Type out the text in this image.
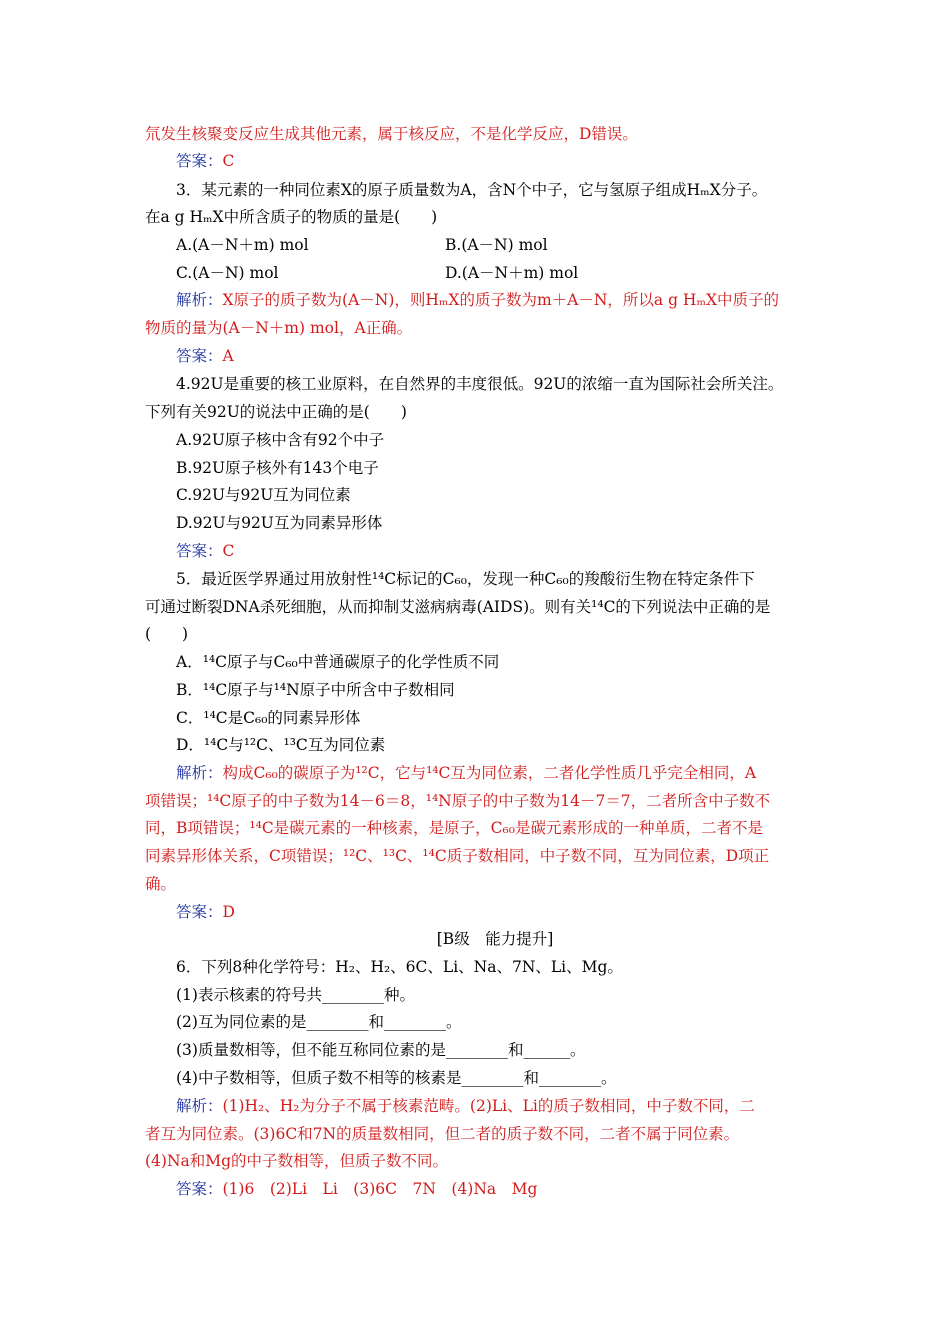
氘发生核聚变反应生成其他元素，属于核反应，不是化学反应，D错误。
答案：C
3．某元素的一种同位素X的原子质量数为A，含N个中子，它与氢原子组成HₘX分子。
在a g HₘX中所含质子的物质的量是(　　)
A.(A－N＋m) mol	B.(A－N) mol
C.(A－N) mol	D.(A－N＋m) mol
解析：X原子的质子数为(A－N)，则HₘX的质子数为m＋A－N，所以a g HₘX中质子的
物质的量为(A－N＋m) mol，A正确。
答案：A
4.92U是重要的核工业原料，在自然界的丰度很低。92U的浓缩一直为国际社会所关注。
下列有关92U的说法中正确的是(　　)
A.92U原子核中含有92个中子
B.92U原子核外有143个电子
C.92U与92U互为同位素
D.92U与92U互为同素异形体
答案：C
5．最近医学界通过用放射性¹⁴C标记的C₆₀，发现一种C₆₀的羧酸衍生物在特定条件下
可通过断裂DNA杀死细胞，从而抑制艾滋病病毒(AIDS)。则有关¹⁴C的下列说法中正确的是
(　　)
A．¹⁴C原子与C₆₀中普通碳原子的化学性质不同
B．¹⁴C原子与¹⁴N原子中所含中子数相同
C．¹⁴C是C₆₀的同素异形体
D．¹⁴C与¹²C、¹³C互为同位素
解析：构成C₆₀的碳原子为¹²C，它与¹⁴C互为同位素，二者化学性质几乎完全相同，A
项错误；¹⁴C原子的中子数为14－6＝8，¹⁴N原子的中子数为14－7＝7，二者所含中子数不
同，B项错误；¹⁴C是碳元素的一种核素，是原子，C₆₀是碳元素形成的一种单质，二者不是
同素异形体关系，C项错误；¹²C、¹³C、¹⁴C质子数相同，中子数不同，互为同位素，D项正
确。
答案：D
[B级　能力提升]
6．下列8种化学符号：H₂、H₂、6C、Li、Na、7N、Li、Mg。
(1)表示核素的符号共________种。
(2)互为同位素的是________和________。
(3)质量数相等，但不能互称同位素的是________和______。
(4)中子数相等，但质子数不相等的核素是________和________。
解析：(1)H₂、H₂为分子不属于核素范畴。(2)Li、Li的质子数相同，中子数不同，二
者互为同位素。(3)6C和7N的质量数相同，但二者的质子数不同，二者不属于同位素。
(4)Na和Mg的中子数相等，但质子数不同。
答案：(1)6　(2)Li　Li　(3)6C　7N　(4)Na　Mg
